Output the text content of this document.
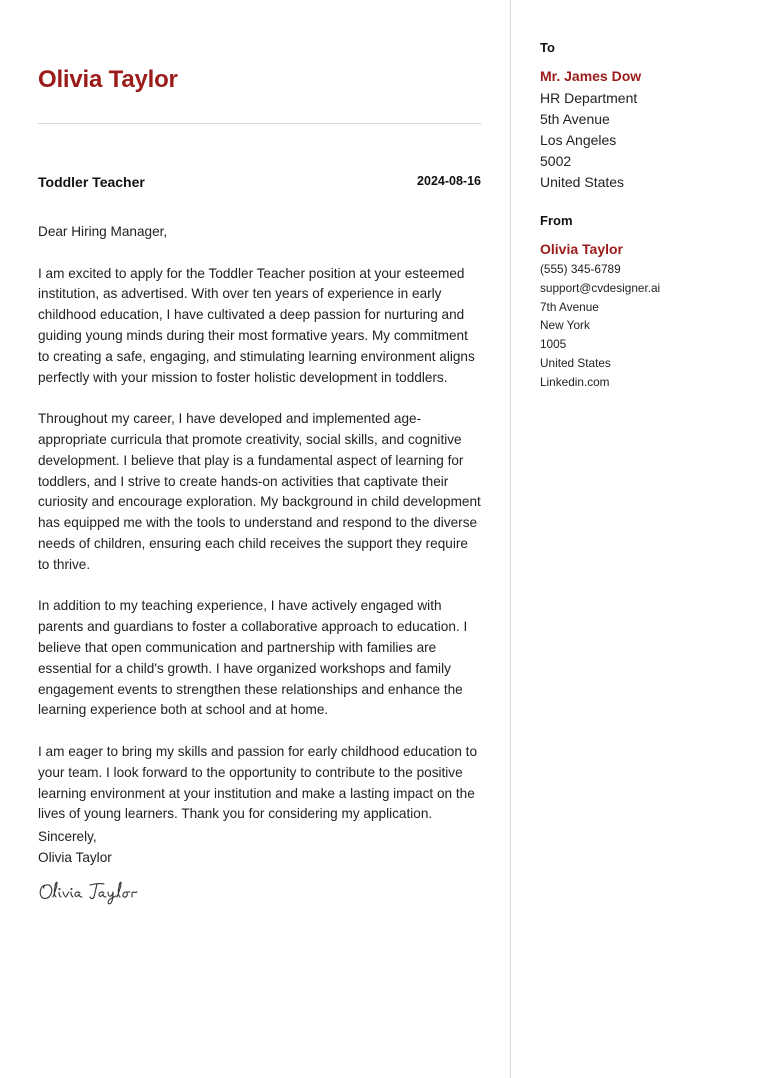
Olivia Taylor
Toddler Teacher	2024-08-16

Dear Hiring Manager,

I am excited to apply for the Toddler Teacher position at your esteemed institution, as advertised. With over ten years of experience in early childhood education, I have cultivated a deep passion for nurturing and guiding young minds during their most formative years. My commitment to creating a safe, engaging, and stimulating learning environment aligns perfectly with your mission to foster holistic development in toddlers.

Throughout my career, I have developed and implemented age-appropriate curricula that promote creativity, social skills, and cognitive development. I believe that play is a fundamental aspect of learning for toddlers, and I strive to create hands-on activities that captivate their curiosity and encourage exploration. My background in child development has equipped me with the tools to understand and respond to the diverse needs of children, ensuring each child receives the support they require to thrive.

In addition to my teaching experience, I have actively engaged with parents and guardians to foster a collaborative approach to education. I believe that open communication and partnership with families are essential for a child's growth. I have organized workshops and family engagement events to strengthen these relationships and enhance the learning experience both at school and at home.

I am eager to bring my skills and passion for early childhood education to your team. I look forward to the opportunity to contribute to the positive learning environment at your institution and make a lasting impact on the lives of young learners. Thank you for considering my application.

Sincerely,
Olivia Taylor
To
Mr. James Dow
HR Department
5th Avenue
Los Angeles
5002
United States
From
Olivia Taylor
(555) 345-6789
support@cvdesigner.ai
7th Avenue
New York
1005
United States
Linkedin.com
